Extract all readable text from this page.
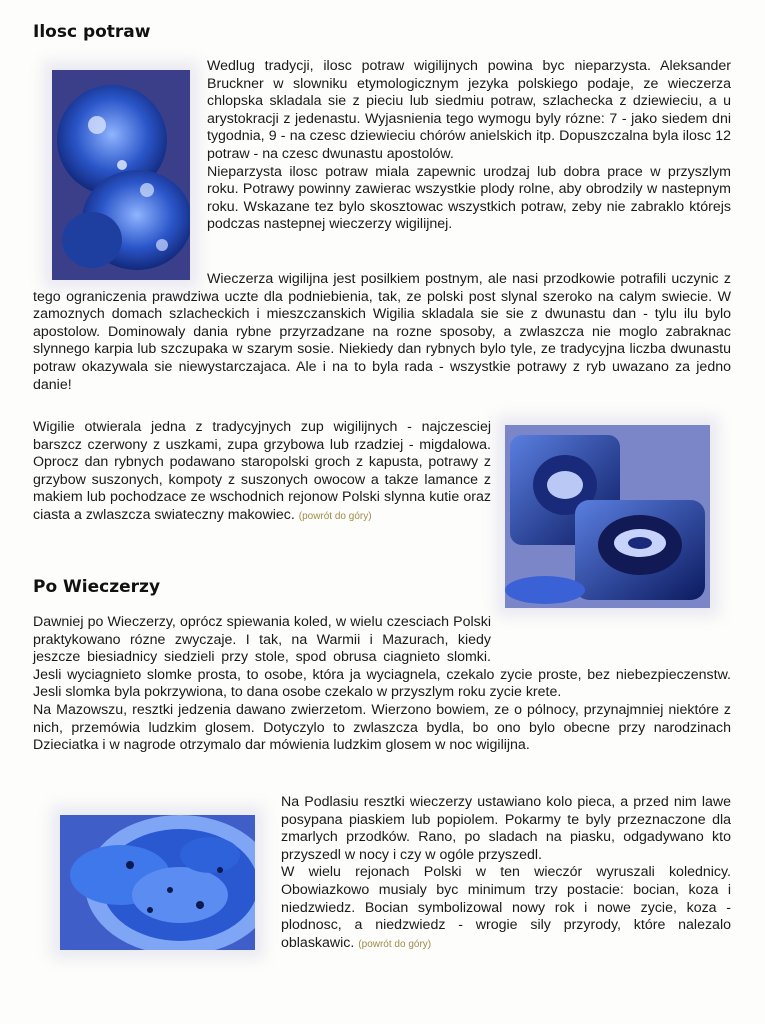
Ilosc potraw

Wedlug tradycji, ilosc potraw wigilijnych powina byc nieparzysta. Aleksander Bruckner w slowniku etymologicznym jezyka polskiego podaje, ze wieczerza chlopska skladala sie z pieciu lub siedmiu potraw, szlachecka z dziewieciu, a u arystokracji z jedenastu. Wyjasnienia tego wymogu byly rózne: 7 - jako siedem dni tygodnia, 9 - na czesc dziewieciu chórów anielskich itp. Dopuszczalna byla ilosc 12 potraw - na czesc dwunastu apostolów.

Nieparzysta ilosc potraw miala zapewnic urodzaj lub dobra prace w przyszlym roku. Potrawy powinny zawierac wszystkie plody rolne, aby obrodzily w nastepnym roku. Wskazane tez bylo skosztowac wszystkich potraw, zeby nie zabraklo którejs podczas nastepnej wieczerzy wigilijnej.

Wieczerza wigilijna jest posilkiem postnym, ale nasi przodkowie potrafili uczynic z tego ograniczenia prawdziwa uczte dla podniebienia, tak, ze polski post slynal szeroko na calym swiecie. W zamoznych domach szlacheckich i mieszczanskich Wigilia skladala sie sie z dwunastu dan - tylu ilu bylo apostolow. Dominowaly dania rybne przyrzadzane na rozne sposoby, a zwlaszcza nie moglo zabraknac slynnego karpia lub szczupaka w szarym sosie. Niekiedy dan rybnych bylo tyle, ze tradycyjna liczba dwunastu potraw okazywala sie niewystarczajaca. Ale i na to byla rada - wszystkie potrawy z ryb uwazano za jedno danie!

Wigilie otwierala jedna z tradycyjnych zup wigilijnych - najczesciej barszcz czerwony z uszkami, zupa grzybowa lub rzadziej - migdalowa. Oprocz dan rybnych podawano staropolski groch z kapusta, potrawy z grzybow suszonych, kompoty z suszonych owocow a takze lamance z makiem lub pochodzace ze wschodnich rejonow Polski slynna kutie oraz ciasta a zwlaszcza swiateczny makowiec. (powrót do góry)

Po Wieczerzy

Dawniej po Wieczerzy, oprócz spiewania koled, w wielu czesciach Polski praktykowano rózne zwyczaje. I tak, na Warmii i Mazurach, kiedy jeszcze biesiadnicy siedzieli przy stole, spod obrusa ciagnieto slomki. Jesli wyciagnieto slomke prosta, to osobe, która ja wyciagnela, czekalo zycie proste, bez niebezpieczenstw. Jesli slomka byla pokrzywiona, to dana osobe czekalo w przyszlym roku zycie krete.

Na Mazowszu, resztki jedzenia dawano zwierzetom. Wierzono bowiem, ze o pólnocy, przynajmniej niektóre z nich, przemówia ludzkim glosem. Dotyczylo to zwlaszcza bydla, bo ono bylo obecne przy narodzinach Dzieciatka i w nagrode otrzymalo dar mówienia ludzkim glosem w noc wigilijna.

Na Podlasiu resztki wieczerzy ustawiano kolo pieca, a przed nim lawe posypana piaskiem lub popiolem. Pokarmy te byly przeznaczone dla zmarlych przodków. Rano, po sladach na piasku, odgadywano kto przyszedl w nocy i czy w ogóle przyszedl.

W wielu rejonach Polski w ten wieczór wyruszali kolednicy. Obowiazkowo musialy byc minimum trzy postacie: bocian, koza i niedzwiedz. Bocian symbolizowal nowy rok i nowe zycie, koza - plodnosc, a niedzwiedz - wrogie sily przyrody, które nalezalo oblaskawic. (powrót do góry)
